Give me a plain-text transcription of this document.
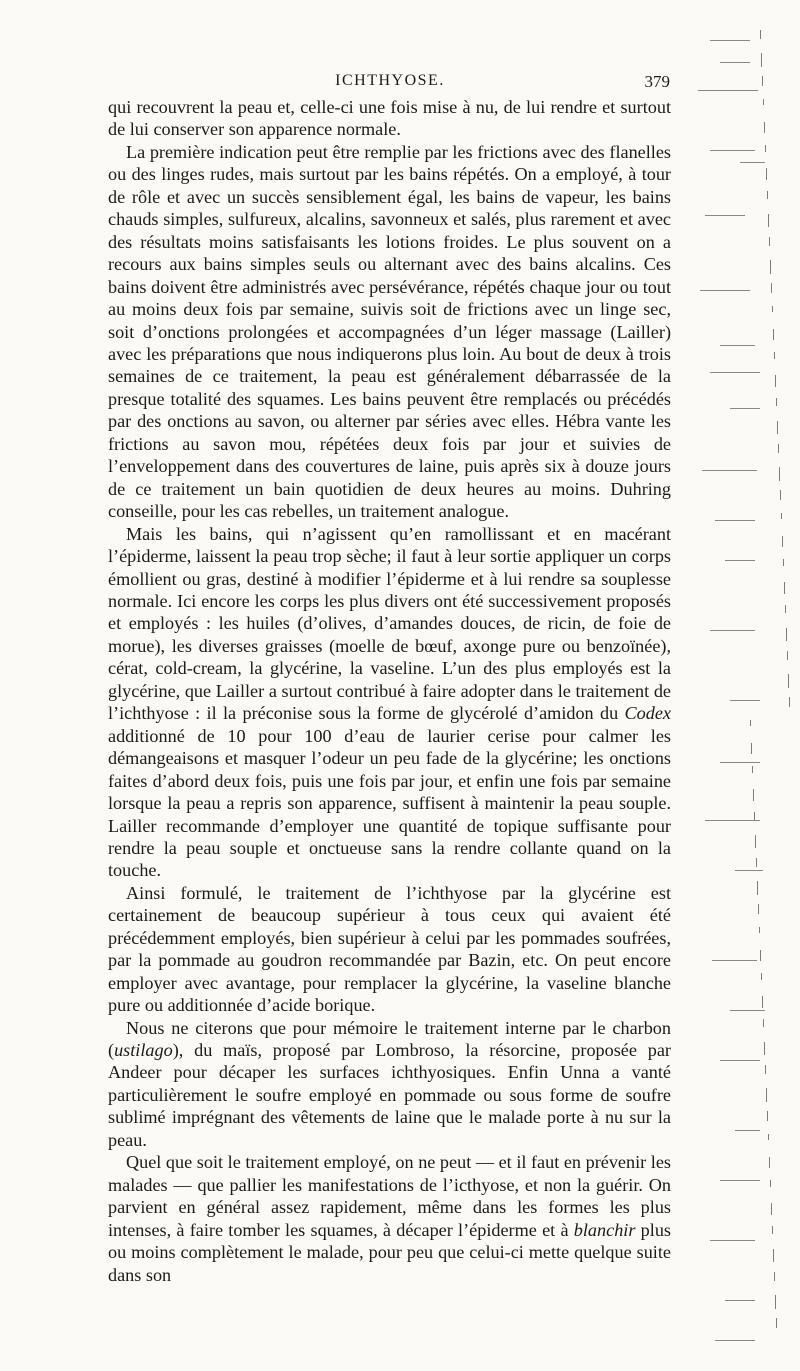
ICHTHYOSE.	379

qui recouvrent la peau et, celle-ci une fois mise à nu, de lui rendre et surtout de lui conserver son apparence normale.

La première indication peut être remplie par les frictions avec des flanelles ou des linges rudes, mais surtout par les bains répétés. On a employé, à tour de rôle et avec un succès sensiblement égal, les bains de vapeur, les bains chauds simples, sulfureux, alcalins, savonneux et salés, plus rarement et avec des résultats moins satisfaisants les lotions froides. Le plus souvent on a recours aux bains simples seuls ou alternant avec des bains alcalins. Ces bains doivent être administrés avec persévérance, répétés chaque jour ou tout au moins deux fois par semaine, suivis soit de frictions avec un linge sec, soit d’onctions prolongées et accompagnées d’un léger massage (Lailler) avec les préparations que nous indiquerons plus loin. Au bout de deux à trois semaines de ce traitement, la peau est généralement débarrassée de la presque totalité des squames. Les bains peuvent être remplacés ou précédés par des onctions au savon, ou alterner par séries avec elles. Hébra vante les frictions au savon mou, répétées deux fois par jour et suivies de l’enveloppement dans des couvertures de laine, puis après six à douze jours de ce traitement un bain quotidien de deux heures au moins. Duhring conseille, pour les cas rebelles, un traitement analogue.

Mais les bains, qui n’agissent qu’en ramollissant et en macérant l’épiderme, laissent la peau trop sèche; il faut à leur sortie appliquer un corps émollient ou gras, destiné à modifier l’épiderme et à lui rendre sa souplesse normale. Ici encore les corps les plus divers ont été successivement proposés et employés : les huiles (d’olives, d’amandes douces, de ricin, de foie de morue), les diverses graisses (moelle de bœuf, axonge pure ou benzoïnée), cérat, cold-cream, la glycérine, la vaseline. L’un des plus employés est la glycérine, que Lailler a surtout contribué à faire adopter dans le traitement de l’ichthyose : il la préconise sous la forme de glycérolé d’amidon du Codex additionné de 10 pour 100 d’eau de laurier cerise pour calmer les démangeaisons et masquer l’odeur un peu fade de la glycérine; les onctions faites d’abord deux fois, puis une fois par jour, et enfin une fois par semaine lorsque la peau a repris son apparence, suffisent à maintenir la peau souple. Lailler recommande d’employer une quantité de topique suffisante pour rendre la peau souple et onctueuse sans la rendre collante quand on la touche.

Ainsi formulé, le traitement de l’ichthyose par la glycérine est certainement de beaucoup supérieur à tous ceux qui avaient été précédemment employés, bien supérieur à celui par les pommades soufrées, par la pommade au goudron recommandée par Bazin, etc. On peut encore employer avec avantage, pour remplacer la glycérine, la vaseline blanche pure ou additionnée d’acide borique.

Nous ne citerons que pour mémoire le traitement interne par le charbon (ustilago), du maïs, proposé par Lombroso, la résorcine, proposée par Andeer pour décaper les surfaces ichthyosiques. Enfin Unna a vanté particulièrement le soufre employé en pommade ou sous forme de soufre sublimé imprégnant des vêtements de laine que le malade porte à nu sur la peau.

Quel que soit le traitement employé, on ne peut — et il faut en prévenir les malades — que pallier les manifestations de l’icthyose, et non la guérir. On parvient en général assez rapidement, même dans les formes les plus intenses, à faire tomber les squames, à décaper l’épiderme et à blanchir plus ou moins complètement le malade, pour peu que celui-ci mette quelque suite dans son
